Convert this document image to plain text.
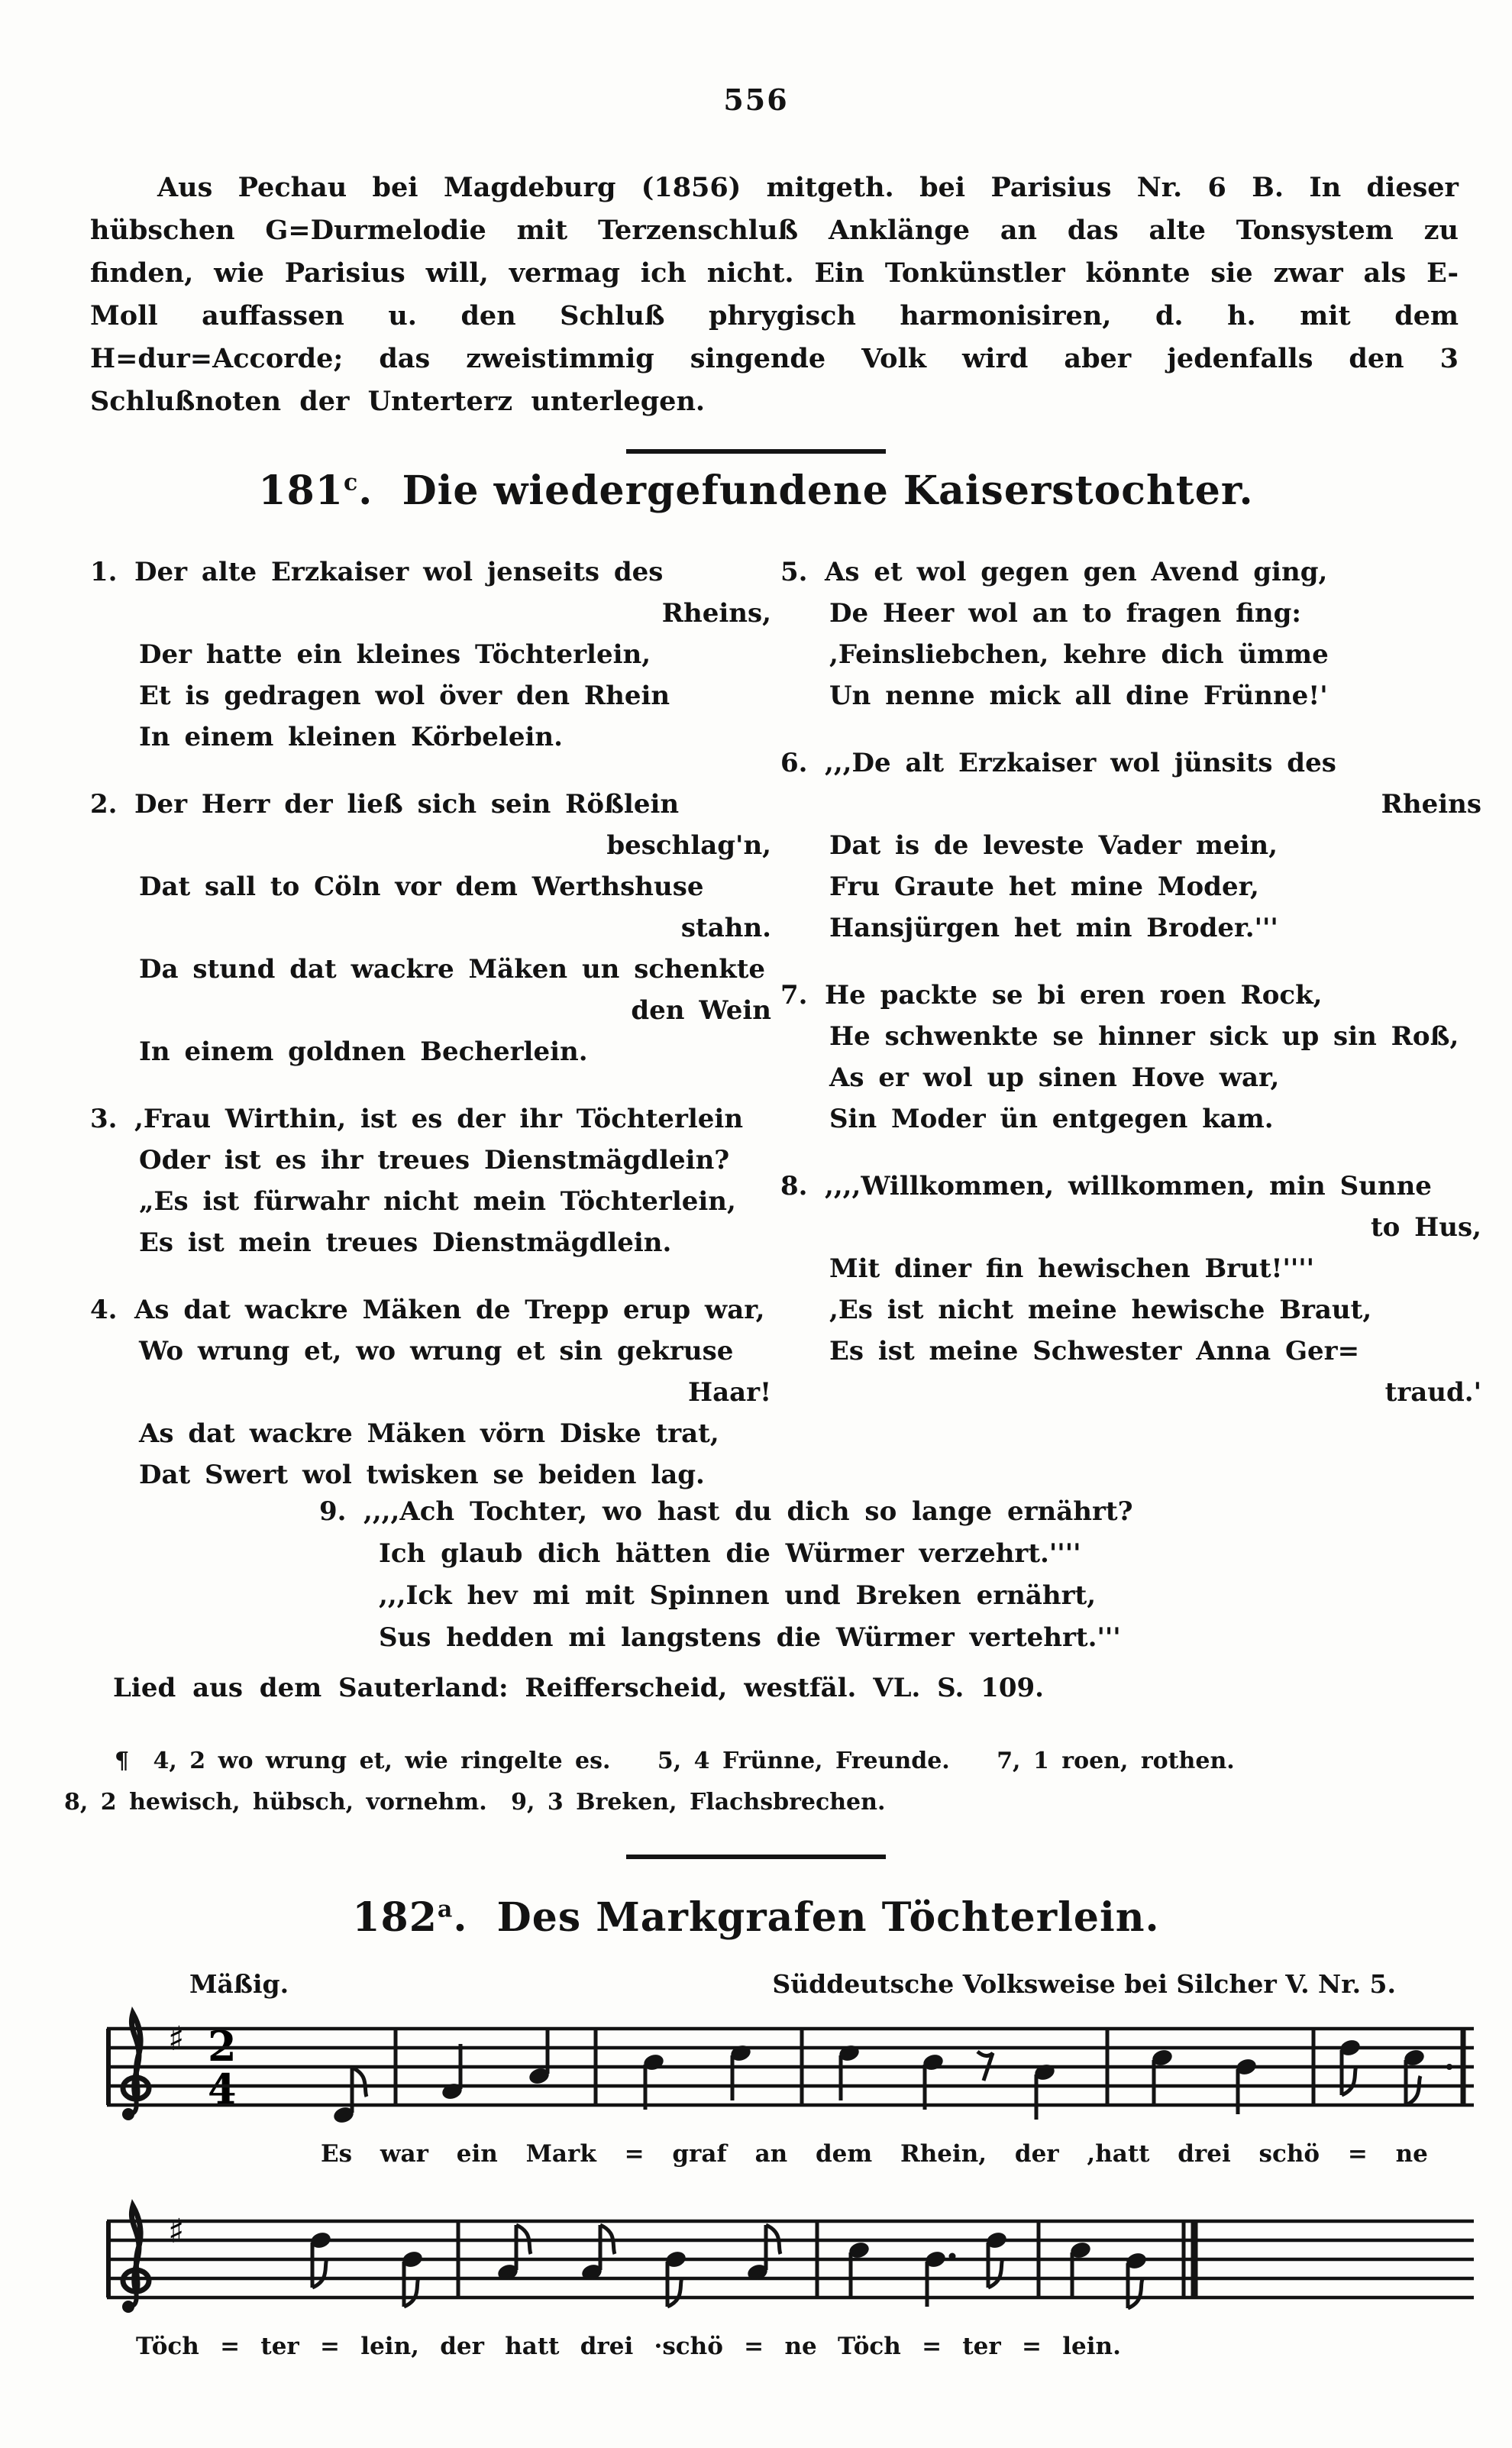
556
Aus Pechau bei Magdeburg (1856) mitgeth. bei Parisius Nr. 6 B. In dieser hübschen G=Durmelodie mit Terzenschluß Anklänge an das alte Tonsystem zu finden, wie Parisius will, vermag ich nicht. Ein Tonkünstler könnte sie zwar als E-Moll auffassen u. den Schluß phrygisch harmonisiren, d. h. mit dem H=dur=Accorde; das zweistimmig singende Volk wird aber jedenfalls den 3 Schlußnoten der Unterterz unterlegen.
181$^c$.  Die wiedergefundene Kaiserstochter.
1. Der alte Erzkaiser wol jenseits des
Rheins,
Der hatte ein kleines Töchterlein,
Et is gedragen wol över den Rhein
In einem kleinen Körbelein.
2. Der Herr der ließ sich sein Rößlein
beschlag'n,
Dat sall to Cöln vor dem Werthshuse
stahn.
Da stund dat wackre Mäken un schenkte
den Wein
In einem goldnen Becherlein.
3. ,Frau Wirthin, ist es der ihr Töchterlein
Oder ist es ihr treues Dienstmägdlein?
„Es ist fürwahr nicht mein Töchterlein,
Es ist mein treues Dienstmägdlein.
4. As dat wackre Mäken de Trepp erup war,
Wo wrung et, wo wrung et sin gekruse
Haar!
As dat wackre Mäken vörn Diske trat,
Dat Swert wol twisken se beiden lag.
5. As et wol gegen gen Avend ging,
De Heer wol an to fragen fing:
,Feinsliebchen, kehre dich ümme
Un nenne mick all dine Frünne!'
6. ,,,De alt Erzkaiser wol jünsits des
Rheins
Dat is de leveste Vader mein,
Fru Graute het mine Moder,
Hansjürgen het min Broder.'''
7. He packte se bi eren roen Rock,
He schwenkte se hinner sick up sin Roß,
As er wol up sinen Hove war,
Sin Moder ün entgegen kam.
8. ,,,,Willkommen, willkommen, min Sunne
to Hus,
Mit diner fin hewischen Brut!''''
,Es ist nicht meine hewische Braut,
Es ist meine Schwester Anna Ger=
traud.'
9. ,,,,Ach Tochter, wo hast du dich so lange ernährt?
Ich glaub dich hätten die Würmer verzehrt.''''
,,,Ick hev mi mit Spinnen und Breken ernährt,
Sus hedden mi langstens die Würmer vertehrt.'''
Lied aus dem Sauterland: Reifferscheid, westfäl. VL. S. 109.
¶  4, 2 wo wrung et, wie ringelte es.   5, 4 Frünne, Freunde.   7, 1 roen, rothen.
8, 2 hewisch, hübsch, vornehm.  9, 3 Breken, Flachsbrechen.
182$^a$.  Des Markgrafen Töchterlein.
Mäßig.	Süddeutsche Volksweise bei Silcher V. Nr. 5.
♯ 2
4
Es war ein Mark = graf an dem Rhein, der ,hatt drei schö = ne
♯
Töch = ter = lein, der hatt drei ·schö = ne Töch = ter = lein.
